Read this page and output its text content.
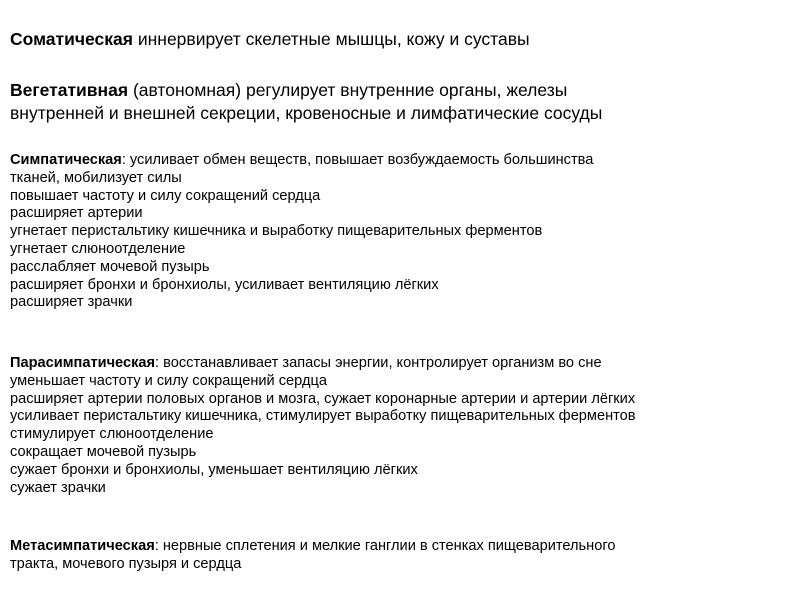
Соматическая иннервирует скелетные мышцы, кожу и суставы
Вегетативная (автономная) регулирует внутренние органы, железы
внутренней и внешней секреции, кровеносные и лимфатические сосуды
Симпатическая: усиливает обмен веществ, повышает возбуждаемость большинства
тканей, мобилизует силы
повышает частоту и силу сокращений сердца
расширяет артерии
угнетает перистальтику кишечника и выработку пищеварительных ферментов
угнетает слюноотделение
расслабляет мочевой пузырь
расширяет бронхи и бронхиолы, усиливает вентиляцию лёгких
расширяет зрачки
Парасимпатическая: восстанавливает запасы энергии, контролирует организм во сне
уменьшает частоту и силу сокращений сердца
расширяет артерии половых органов и мозга, сужает коронарные артерии и артерии лёгких
усиливает перистальтику кишечника, стимулирует выработку пищеварительных ферментов
стимулирует слюноотделение
сокращает мочевой пузырь
сужает бронхи и бронхиолы, уменьшает вентиляцию лёгких
сужает зрачки
Метасимпатическая: нервные сплетения и мелкие ганглии в стенках пищеварительного
тракта, мочевого пузыря и сердца
